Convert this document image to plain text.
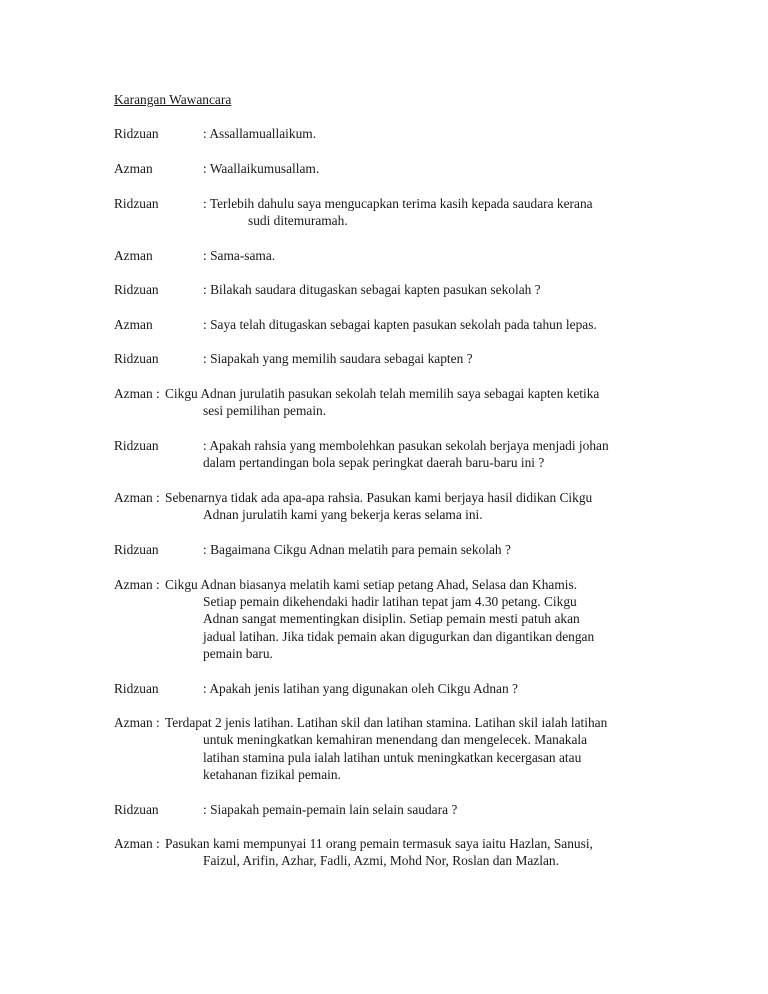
Karangan Wawancara
Ridzuan	: Assallamuallaikum.
Azman	: Waallaikumusallam.
Ridzuan	: Terlebih dahulu saya mengucapkan terima kasih kepada saudara kerana
sudi ditemuramah.
Azman	: Sama-sama.
Ridzuan	: Bilakah saudara ditugaskan sebagai kapten pasukan sekolah ?
Azman	: Saya telah ditugaskan sebagai kapten pasukan sekolah pada tahun lepas.
Ridzuan	: Siapakah yang memilih saudara sebagai kapten ?
Azman : Cikgu Adnan jurulatih pasukan sekolah telah memilih saya sebagai kapten ketika
sesi pemilihan pemain.
Ridzuan	: Apakah rahsia yang membolehkan pasukan sekolah berjaya menjadi johan
dalam pertandingan bola sepak peringkat daerah baru-baru ini ?
Azman : Sebenarnya tidak ada apa-apa rahsia. Pasukan kami berjaya hasil didikan Cikgu
Adnan jurulatih kami yang bekerja keras selama ini.
Ridzuan	: Bagaimana Cikgu Adnan melatih para pemain sekolah ?
Azman : Cikgu Adnan biasanya melatih kami setiap petang Ahad, Selasa dan Khamis.
Setiap pemain dikehendaki hadir latihan tepat jam 4.30 petang. Cikgu
Adnan sangat mementingkan disiplin. Setiap pemain mesti patuh akan
jadual latihan. Jika tidak pemain akan digugurkan dan digantikan dengan
pemain baru.
Ridzuan	: Apakah jenis latihan yang digunakan oleh Cikgu Adnan ?
Azman : Terdapat 2 jenis latihan. Latihan skil dan latihan stamina. Latihan skil ialah latihan
untuk meningkatkan kemahiran menendang dan mengelecek. Manakala
latihan stamina pula ialah latihan untuk meningkatkan kecergasan atau
ketahanan fizikal pemain.
Ridzuan	: Siapakah pemain-pemain lain selain saudara ?
Azman : Pasukan kami mempunyai 11 orang pemain termasuk saya iaitu Hazlan, Sanusi,
Faizul, Arifin, Azhar, Fadli, Azmi, Mohd Nor, Roslan dan Mazlan.
